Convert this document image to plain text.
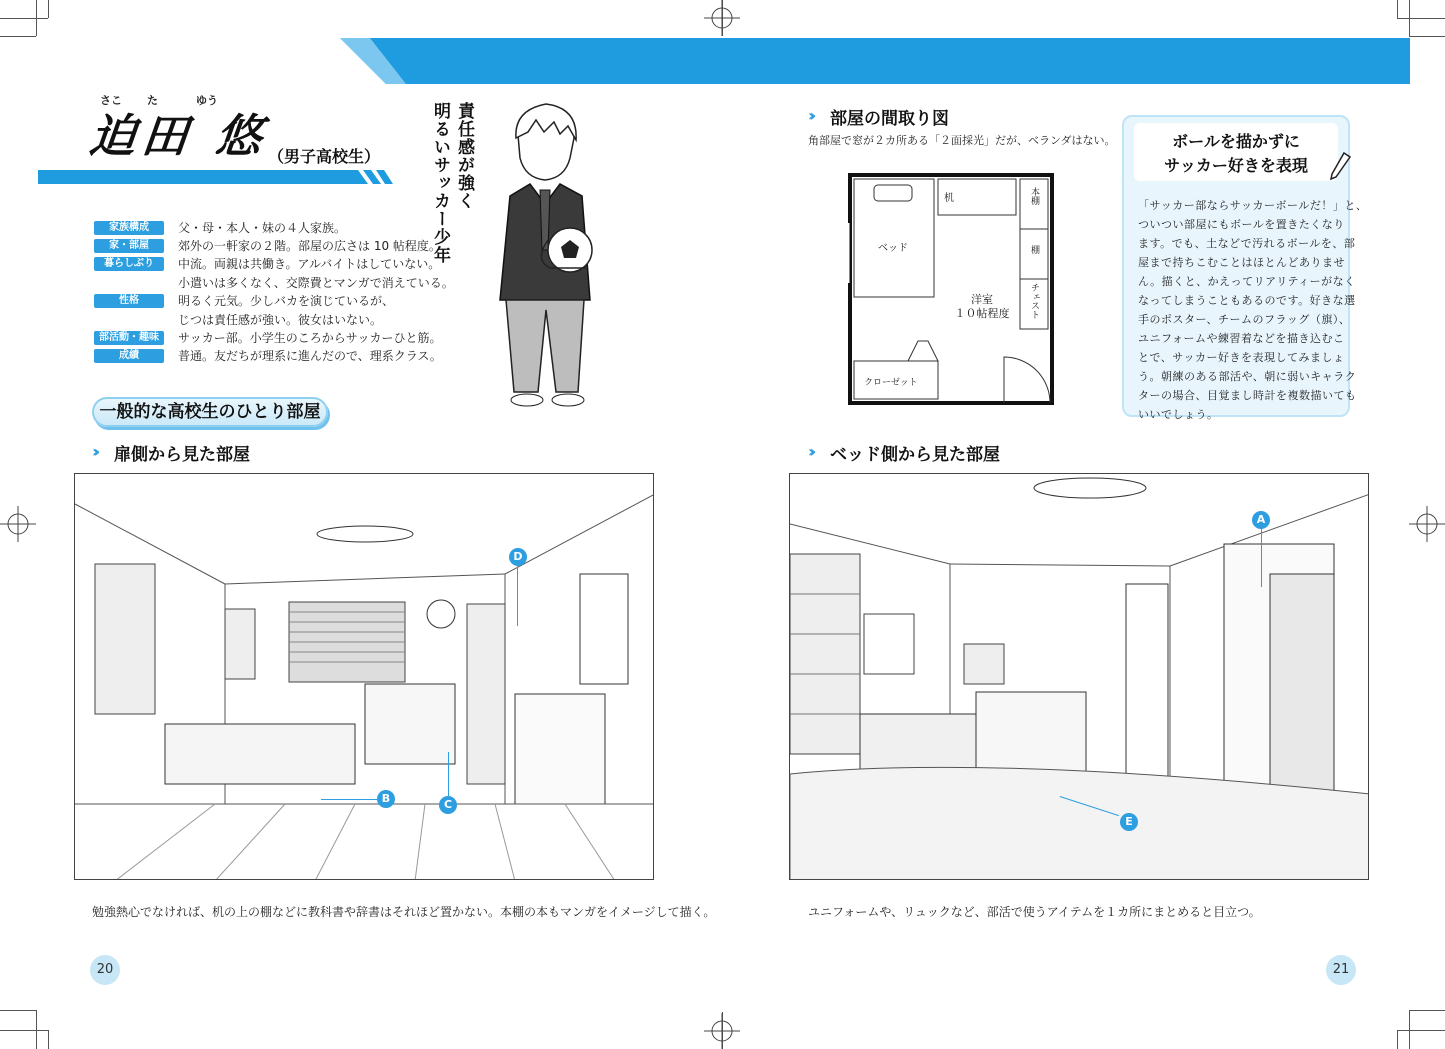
さこ た	ゆう
迫田 悠
（男子高校生）	責任感が強く
明るいサッカー少年
家族構成	父・母・本人・妹の４人家族。
家・部屋	郊外の一軒家の２階。部屋の広さは 10 帖程度。
暮らしぶり	中流。両親は共働き。アルバイトはしていない。
小遣いは多くなく、交際費とマンガで消えている。
性格	明るく元気。少しバカを演じているが、
じつは責任感が強い。彼女はいない。
部活動・趣味	サッカー部。小学生のころからサッカーひと筋。
成績	普通。友だちが理系に進んだので、理系クラス。
一般的な高校生のひとり部屋
›› 扉側から見た部屋
D
B	C
勉強熱心でなければ、机の上の棚などに教科書や辞書はそれほど置かない。本棚の本もマンガをイメージして描く。
›› 部屋の間取り図
角部屋で窓が２カ所ある「２面採光」だが、ベランダはない。
机	本棚
棚
チェスト
ベッド
洋室
１０帖程度
クローゼット
ボールを描かずに
サッカー好きを表現
「サッカー部ならサッカーボールだ！」と、
ついつい部屋にもボールを置きたくなり
ます。でも、土などで汚れるボールを、部
屋まで持ちこむことはほとんどありませ
ん。描くと、かえってリアリティーがなく
なってしまうこともあるのです。好きな選
手のポスター、チームのフラッグ（旗）、
ユニフォームや練習着などを描き込むこ
とで、サッカー好きを表現してみましょ
う。朝練のある部活や、朝に弱いキャラク
ターの場合、目覚まし時計を複数描いても
いいでしょう。
›› ベッド側から見た部屋
A
E
ユニフォームや、リュックなど、部活で使うアイテムを１カ所にまとめると目立つ。
20	21
